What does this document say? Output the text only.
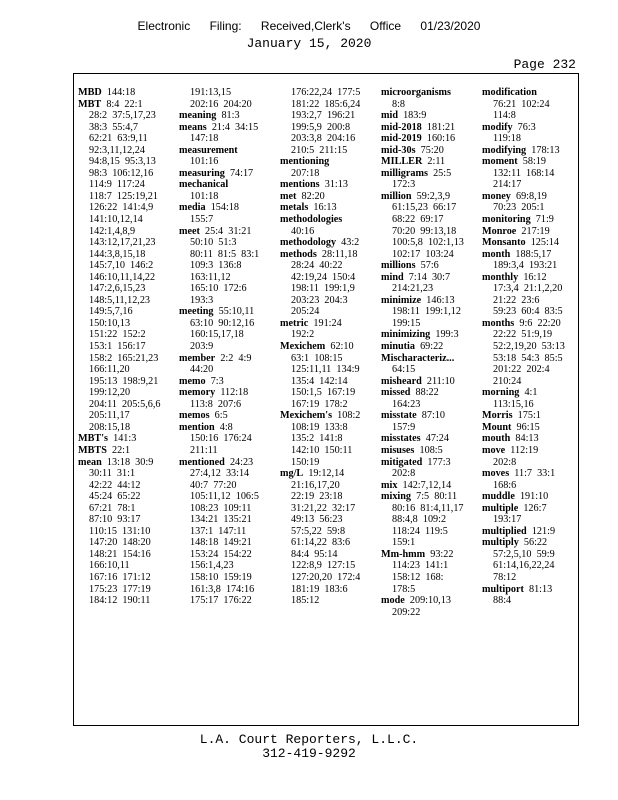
Electronic Filing: Received,Clerk's Office 01/23/2020
January 15, 2020
Page 232
MBD 144:18
MBT 8:4  22:1
28:2  37:5,17,23
38:3  55:4,7
62:21  63:9,11
92:3,11,12,24
94:8,15  95:3,13
98:3  106:12,16
114:9  117:24
118:7  125:19,21
126:22  141:4,9
141:10,12,14
142:1,4,8,9
143:12,17,21,23
144:3,8,15,18
145:7,10  146:2
146:10,11,14,22
147:2,6,15,23
148:5,11,12,23
149:5,7,16
150:10,13
151:22  152:2
153:1  156:17
158:2  165:21,23
166:11,20
195:13  198:9,21
199:12,20
204:11  205:5,6,6
205:11,17
208:15,18
MBT's 141:3
MBTS 22:1
mean 13:18  30:9
30:11  31:1
42:22  44:12
45:24  65:22
67:21  78:1
87:10  93:17
110:15  131:10
147:20  148:20
148:21  154:16
166:10,11
167:16  171:12
175:23  177:19
184:12  190:11
191:13,15
202:16  204:20
meaning 81:3
means 21:4  34:15
147:18
measurement
101:16
measuring 74:17
mechanical
101:18
media 154:18
155:7
meet 25:4  31:21
50:10  51:3
80:11  81:5  83:1
109:3  136:8
163:11,12
165:10  172:6
193:3
meeting 55:10,11
63:10  90:12,16
160:15,17,18
203:9
member 2:2  4:9
44:20
memo 7:3
memory 112:18
113:8  207:6
memos 6:5
mention 4:8
150:16  176:24
211:11
mentioned 24:23
27:4,12  33:14
40:7  77:20
105:11,12  106:5
108:23  109:11
134:21  135:21
137:1  147:11
148:18  149:21
153:24  154:22
156:1,4,23
158:10  159:19
161:3,8  174:16
175:17  176:22
176:22,24  177:5
181:22  185:6,24
193:2,7  196:21
199:5,9  200:8
203:3,8  204:16
210:5  211:15
mentioning
207:18
mentions 31:13
met 82:20
metals 16:13
methodologies
40:16
methodology 43:2
methods 28:11,18
28:24  40:22
42:19,24  150:4
198:11  199:1,9
203:23  204:3
205:24
metric 191:24
192:2
Mexichem 62:10
63:1  108:15
125:11,11  134:9
135:4  142:14
150:1,5  167:19
167:19  178:2
Mexichem's 108:2
108:19  133:8
135:2  141:8
142:10  150:11
150:19
mg/L 19:12,14
21:16,17,20
22:19  23:18
31:21,22  32:17
49:13  56:23
57:5,22  59:8
61:14,22  83:6
84:4  95:14
122:8,9  127:15
127:20,20  172:4
181:19  183:6
185:12
microorganisms
8:8
mid 183:9
mid-2018 181:21
mid-2019 160:16
mid-30s 75:20
MILLER 2:11
milligrams 25:5
172:3
million 59:2,3,9
61:15,23  66:17
68:22  69:17
70:20  99:13,18
100:5,8  102:1,13
102:17  103:24
millions 57:6
mind 7:14  30:7
214:21,23
minimize 146:13
198:11  199:1,12
199:15
minimizing 199:3
minutia 69:22
Mischaracteriz...
64:15
misheard 211:10
missed 88:22
164:23
misstate 87:10
157:9
misstates 47:24
misuses 108:5
mitigated 177:3
202:8
mix 142:7,12,14
mixing 7:5  80:11
80:16  81:4,11,17
88:4,8  109:2
118:24  119:5
159:1
Mm-hmm 93:22
114:23  141:1
158:12  168:
178:5
mode 209:10,13
209:22
modification
76:21  102:24
114:8
modify 76:3
119:18
modifying 178:13
moment 58:19
132:11  168:14
214:17
money 69:8,19
70:23  205:1
monitoring 71:9
Monroe 217:19
Monsanto 125:14
month 188:5,17
189:3,4  193:21
monthly 16:12
17:3,4  21:1,2,20
21:22  23:6
59:23  60:4  83:5
months 9:6  22:20
22:22  51:9,19
52:2,19,20  53:13
53:18  54:3  85:5
201:22  202:4
210:24
morning 4:1
113:15,16
Morris 175:1
Mount 96:15
mouth 84:13
move 112:19
202:8
moves 11:7  33:1
168:6
muddle 191:10
multiple 126:7
193:17
multiplied 121:9
multiply 56:22
57:2,5,10  59:9
61:14,16,22,24
78:12
multiport 81:13
88:4
L.A. Court Reporters, L.L.C.
312-419-9292
